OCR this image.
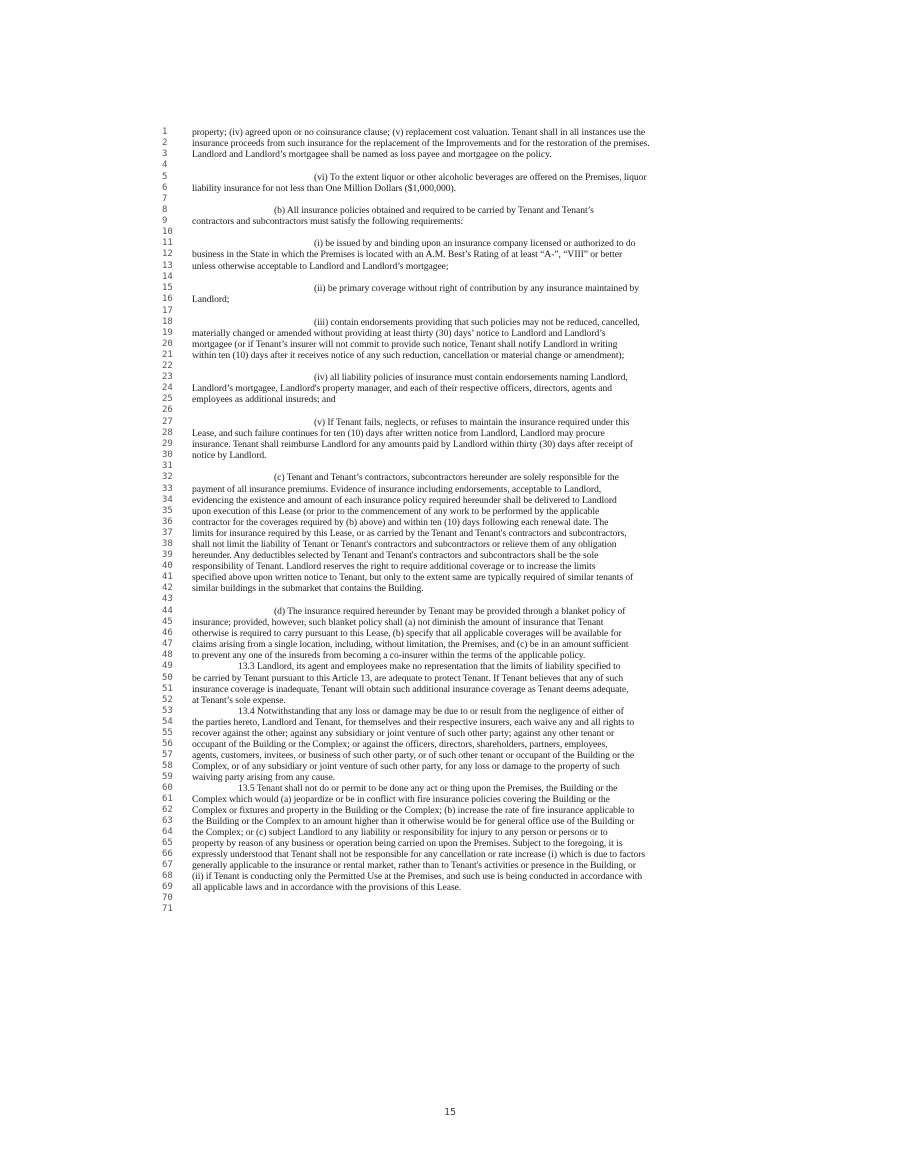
1
2
3
4
5
6
7
8
9
10
11
12
13
14
15
16
17
18
19
20
21
22
23
24
25
26
27
28
29
30
31
32
33
34
35
36
37
38
39
40
41
42
43
44
45
46
47
48
49
50
51
52
53
54
55
56
57
58
59
60
61
62
63
64
65
66
67
68
69
70
71
property; (iv) agreed upon or no coinsurance clause; (v) replacement cost valuation. Tenant shall in all instances use the
insurance proceeds from such insurance for the replacement of the Improvements and for the restoration of the premises.
Landlord and Landlord’s mortgagee shall be named as loss payee and mortgagee on the policy.
(vi) To the extent liquor or other alcoholic beverages are offered on the Premises, liquor
liability insurance for not less than One Million Dollars ($1,000,000).
(b) All insurance policies obtained and required to be carried by Tenant and Tenant’s
contractors and subcontractors must satisfy the following requirements:
(i) be issued by and binding upon an insurance company licensed or authorized to do
business in the State in which the Premises is located with an A.M. Best’s Rating of at least “A-”, “VIII” or better
unless otherwise acceptable to Landlord and Landlord’s mortgagee;
(ii) be primary coverage without right of contribution by any insurance maintained by
Landlord;
(iii) contain endorsements providing that such policies may not be reduced, cancelled,
materially changed or amended without providing at least thirty (30) days’ notice to Landlord and Landlord’s
mortgagee (or if Tenant’s insurer will not commit to provide such notice, Tenant shall notify Landlord in writing
within ten (10) days after it receives notice of any such reduction, cancellation or material change or amendment);
(iv) all liability policies of insurance must contain endorsements naming Landlord,
Landlord’s mortgagee, Landlord's property manager, and each of their respective officers, directors, agents and
employees as additional insureds; and
(v) If Tenant fails, neglects, or refuses to maintain the insurance required under this
Lease, and such failure continues for ten (10) days after written notice from Landlord, Landlord may procure
insurance. Tenant shall reimburse Landlord for any amounts paid by Landlord within thirty (30) days after receipt of
notice by Landlord.
(c) Tenant and Tenant’s contractors, subcontractors hereunder are solely responsible for the
payment of all insurance premiums. Evidence of insurance including endorsements, acceptable to Landlord,
evidencing the existence and amount of each insurance policy required hereunder shall be delivered to Landlord
upon execution of this Lease (or prior to the commencement of any work to be performed by the applicable
contractor for the coverages required by (b) above) and within ten (10) days following each renewal date. The
limits for insurance required by this Lease, or as carried by the Tenant and Tenant's contractors and subcontractors,
shall not limit the liability of Tenant or Tenant's contractors and subcontractors or relieve them of any obligation
hereunder. Any deductibles selected by Tenant and Tenant's contractors and subcontractors shall be the sole
responsibility of Tenant. Landlord reserves the right to require additional coverage or to increase the limits
specified above upon written notice to Tenant, but only to the extent same are typically required of similar tenants of
similar buildings in the submarket that contains the Building.
(d) The insurance required hereunder by Tenant may be provided through a blanket policy of
insurance; provided, however, such blanket policy shall (a) not diminish the amount of insurance that Tenant
otherwise is required to carry pursuant to this Lease, (b) specify that all applicable coverages will be available for
claims arising from a single location, including, without limitation, the Premises, and (c) be in an amount sufficient
to prevent any one of the insureds from becoming a co-insurer within the terms of the applicable policy.
13.3 Landlord, its agent and employees make no representation that the limits of liability specified to
be carried by Tenant pursuant to this Article 13, are adequate to protect Tenant. If Tenant believes that any of such
insurance coverage is inadequate, Tenant will obtain such additional insurance coverage as Tenant deems adequate,
at Tenant’s sole expense.
13.4 Notwithstanding that any loss or damage may be due to or result from the negligence of either of
the parties hereto, Landlord and Tenant, for themselves and their respective insurers, each waive any and all rights to
recover against the other; against any subsidiary or joint venture of such other party; against any other tenant or
occupant of the Building or the Complex; or against the officers, directors, shareholders, partners, employees,
agents, customers, invitees, or business of such other party, or of such other tenant or occupant of the Building or the
Complex, or of any subsidiary or joint venture of such other party, for any loss or damage to the property of such
waiving party arising from any cause.
13.5 Tenant shall not do or permit to be done any act or thing upon the Premises, the Building or the
Complex which would (a) jeopardize or be in conflict with fire insurance policies covering the Building or the
Complex or fixtures and property in the Building or the Complex; (b) increase the rate of fire insurance applicable to
the Building or the Complex to an amount higher than it otherwise would be for general office use of the Building or
the Complex; or (c) subject Landlord to any liability or responsibility for injury to any person or persons or to
property by reason of any business or operation being carried on upon the Premises. Subject to the foregoing, it is
expressly understood that Tenant shall not be responsible for any cancellation or rate increase (i) which is due to factors
generally applicable to the insurance or rental market, rather than to Tenant's activities or presence in the Building, or
(ii) if Tenant is conducting only the Permitted Use at the Premises, and such use is being conducted in accordance with
all applicable laws and in accordance with the provisions of this Lease.
15
